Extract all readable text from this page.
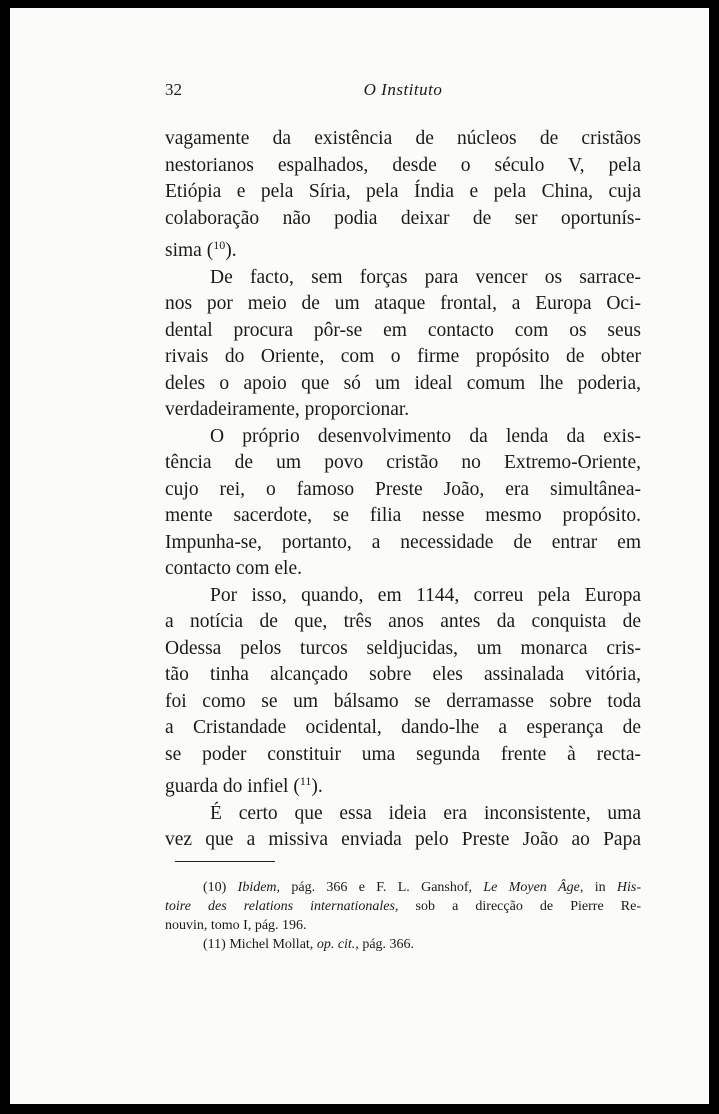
32	O Instituto
vagamente da existência de núcleos de cristãos
nestorianos espalhados, desde o século V, pela
Etiópia e pela Síria, pela Índia e pela China, cuja
colaboração não podia deixar de ser oportunís-
sima ($^{10}$).
De facto, sem forças para vencer os sarrace-
nos por meio de um ataque frontal, a Europa Oci-
dental procura pôr-se em contacto com os seus
rivais do Oriente, com o firme propósito de obter
deles o apoio que só um ideal comum lhe poderia,
verdadeiramente, proporcionar.
O próprio desenvolvimento da lenda da exis-
tência de um povo cristão no Extremo-Oriente,
cujo rei, o famoso Preste João, era simultânea-
mente sacerdote, se filia nesse mesmo propósito.
Impunha-se, portanto, a necessidade de entrar em
contacto com ele.
Por isso, quando, em 1144, correu pela Europa
a notícia de que, três anos antes da conquista de
Odessa pelos turcos seldjucidas, um monarca cris-
tão tinha alcançado sobre eles assinalada vitória,
foi como se um bálsamo se derramasse sobre toda
a Cristandade ocidental, dando-lhe a esperança de
se poder constituir uma segunda frente à recta-
guarda do infiel ($^{11}$).
É certo que essa ideia era inconsistente, uma
vez que a missiva enviada pelo Preste João ao Papa
(10) Ibidem, pág. 366 e F. L. Ganshof, Le Moyen Âge, in His-
toire des relations internationales, sob a direcção de Pierre Re-
nouvin, tomo I, pág. 196.
(11) Michel Mollat, op. cit., pág. 366.
